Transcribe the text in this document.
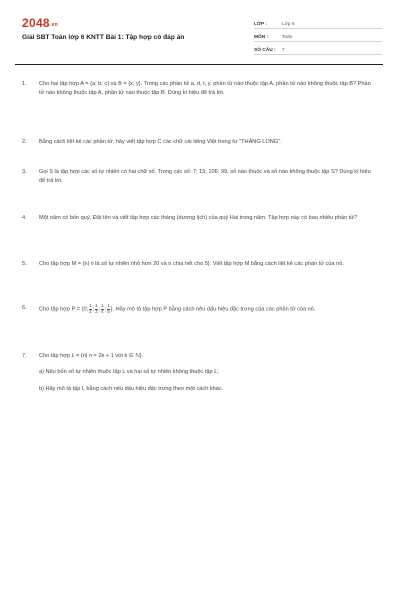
2048.vn
Giải SBT Toán lớp 6 KNTT Bài 1: Tập hợp có đáp án
LỚP :	Lớp 6
MÔN :	Toán
SỐ CÂU :	7
1.	Cho hai tập hợp A = {a; b; c} và B = {x; y}. Trong các phần tử a, d, t, y, phần tử nào thuộc tập A, phần tử nào không thuộc tập B? Phần tử nào không thuộc tập A, phần tử nào thuộc tập B. Dùng kí hiệu để trả lời.
2.	Bằng cách liệt kê các phần tử, hãy viết tập hợp C các chữ cái tiếng Việt trong từ "THĂNG LONG".
3.	Gọi S là tập hợp các số tự nhiên có hai chữ số. Trong các số: 7; 15; 106; 99, số nào thuộc và số nào không thuộc tập S? Dùng kí hiệu để trả lời.
4.	Một năm có bốn quý. Đặt tên và viết tập hợp các tháng (dương lịch) của quý Hai trong năm. Tập hợp này có bao nhiêu phần tử?
5.	Cho tập hợp M = {n| n là số tự nhiên nhỏ hơn 20 và n chia hết cho 5}. Viết tập hợp M bằng cách liệt kê các phần tử của nó.
6.	Cho tập hợp P = {0; $\frac{1}{2}$ ; $\frac{1}{3}$ ; $\frac{1}{4}$ ; $\frac{1}{5}$ }. Hãy mô tả tập hợp P bằng cách nêu dấu hiệu đặc trưng của các phần tử của nó.
7.	Cho tập hợp L = {n| n = 2k + 1 với k ∈ ℕ}.
a) Nêu bốn số tự nhiên thuộc tập L và hai số tự nhiên không thuộc tập L;
b) Hãy mô tả tập L bằng cách nêu dấu hiệu đặc trưng theo một cách khác.
